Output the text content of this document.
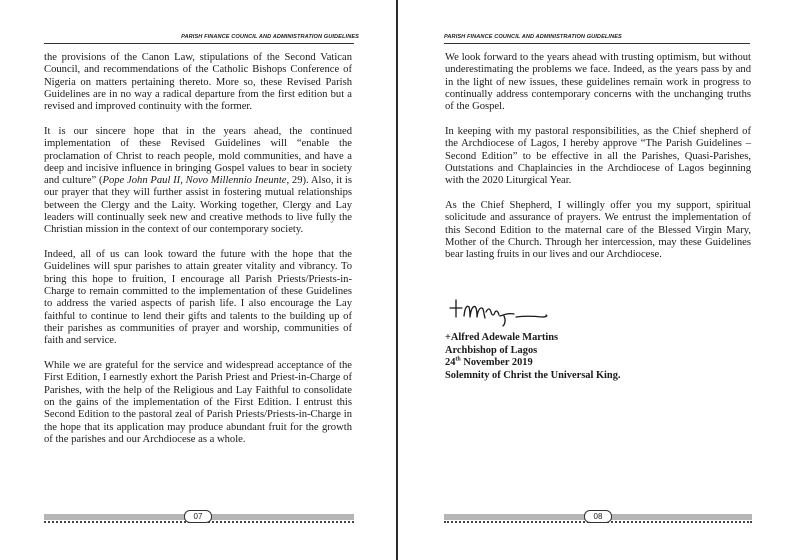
PARISH FINANCE COUNCIL AND ADMINISTRATION GUIDELINES

the provisions of the Canon Law, stipulations of the Second Vatican Council, and recommendations of the Catholic Bishops Conference of Nigeria on matters pertaining thereto. More so, these Revised Parish Guidelines are in no way a radical departure from the first edition but a revised and improved continuity with the former.

It is our sincere hope that in the years ahead, the continued implementation of these Revised Guidelines will “enable the proclamation of Christ to reach people, mold communities, and have a deep and incisive influence in bringing Gospel values to bear in society and culture” (Pope John Paul II, Novo Millennio Ineunte, 29). Also, it is our prayer that they will further assist in fostering mutual relationships between the Clergy and the Laity. Working together, Clergy and Lay leaders will continually seek new and creative methods to live fully the Christian mission in the context of our contemporary society.

Indeed, all of us can look toward the future with the hope that the Guidelines will spur parishes to attain greater vitality and vibrancy. To bring this hope to fruition, I encourage all Parish Priests/Priests-in-Charge to remain committed to the implementation of these Guidelines to address the varied aspects of parish life. I also encourage the Lay faithful to continue to lend their gifts and talents to the building up of their parishes as communities of prayer and worship, communities of faith and service.

While we are grateful for the service and widespread acceptance of the First Edition, I earnestly exhort the Parish Priest and Priest-in-Charge of Parishes, with the help of the Religious and Lay Faithful to consolidate on the gains of the implementation of the First Edition. I entrust this Second Edition to the pastoral zeal of Parish Priests/Priests-in-Charge in the hope that its application may produce abundant fruit for the growth of the parishes and our Archdiocese as a whole.

PARISH FINANCE COUNCIL AND ADMINISTRATION GUIDELINES

We look forward to the years ahead with trusting optimism, but without underestimating the problems we face. Indeed, as the years pass by and in the light of new issues, these guidelines remain work in progress to continually address contemporary concerns with the unchanging truths of the Gospel.

In keeping with my pastoral responsibilities, as the Chief shepherd of the Archdiocese of Lagos, I hereby approve “The Parish Guidelines – Second Edition” to be effective in all the Parishes, Quasi-Parishes, Outstations and Chaplaincies in the Archdiocese of Lagos beginning with the 2020 Liturgical Year.

As the Chief Shepherd, I willingly offer you my support, spiritual solicitude and assurance of prayers. We entrust the implementation of this Second Edition to the maternal care of the Blessed Virgin Mary, Mother of the Church. Through her intercession, may these Guidelines bear lasting fruits in our lives and our Archdiocese.

+Alfred Adewale Martins
Archbishop of Lagos
24th November 2019
Solemnity of Christ the Universal King.
07	08
